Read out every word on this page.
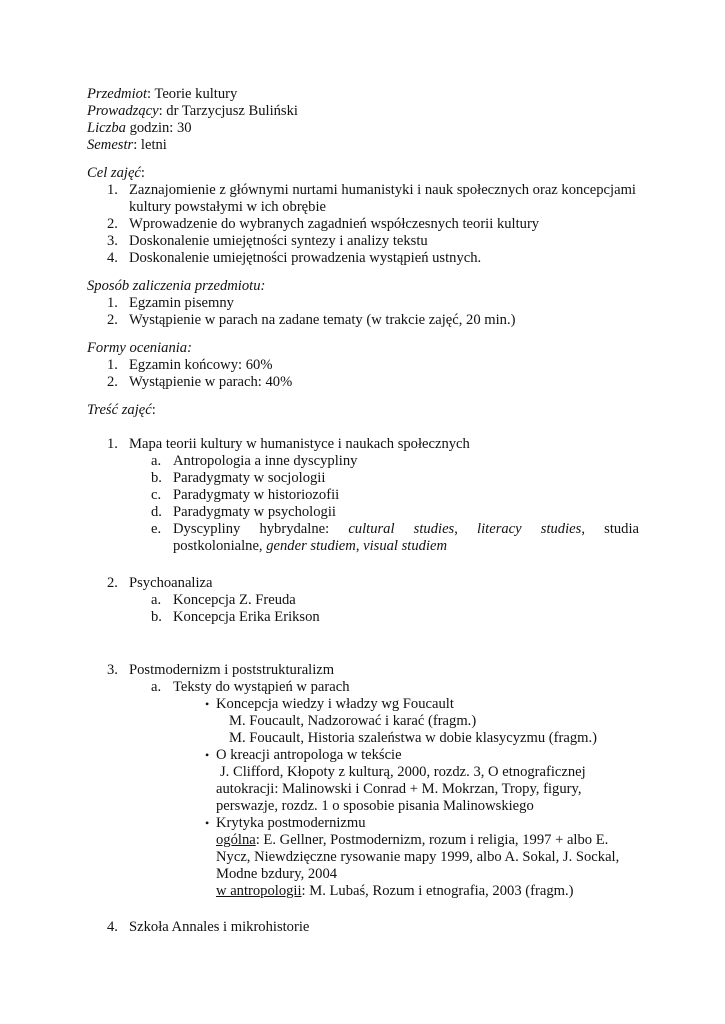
Przedmiot: Teorie kultury
Prowadzący: dr Tarzycjusz Buliński
Liczba godzin: 30
Semestr: letni
Cel zajęć:
1. Zaznajomienie z głównymi nurtami humanistyki i nauk społecznych oraz koncepcjami
kultury powstałymi w ich obrębie
2. Wprowadzenie do wybranych zagadnień współczesnych teorii kultury
3. Doskonalenie umiejętności syntezy i analizy tekstu
4. Doskonalenie umiejętności prowadzenia wystąpień ustnych.
Sposób zaliczenia przedmiotu:
1. Egzamin pisemny
2. Wystąpienie w parach na zadane tematy (w trakcie zajęć, 20 min.)
Formy oceniania:
1. Egzamin końcowy: 60%
2. Wystąpienie w parach: 40%
Treść zajęć:
1. Mapa teorii kultury w humanistyce i naukach społecznych
a. Antropologia a inne dyscypliny
b. Paradygmaty w socjologii
c. Paradygmaty w historiozofii
d. Paradygmaty w psychologii
e. Dyscypliny hybrydalne: cultural studies, literacy studies, studia
postkolonialne, gender studiem, visual studiem
2. Psychoanaliza
a. Koncepcja Z. Freuda
b. Koncepcja Erika Erikson
3. Postmodernizm i poststrukturalizm
a. Teksty do wystąpień w parach
• Koncepcja wiedzy i władzy wg Foucault
M. Foucault, Nadzorować i karać (fragm.)
M. Foucault, Historia szaleństwa w dobie klasycyzmu (fragm.)
• O kreacji antropologa w tekście
J. Clifford, Kłopoty z kulturą, 2000, rozdz. 3, O etnograficznej
autokracji: Malinowski i Conrad + M. Mokrzan, Tropy, figury,
perswazje, rozdz. 1 o sposobie pisania Malinowskiego
• Krytyka postmodernizmu
ogólna: E. Gellner, Postmodernizm, rozum i religia, 1997 + albo E.
Nycz, Niewdzięczne rysowanie mapy 1999, albo A. Sokal, J. Sockal,
Modne bzdury, 2004
w antropologii: M. Lubaś, Rozum i etnografia, 2003 (fragm.)
4. Szkoła Annales i mikrohistorie
